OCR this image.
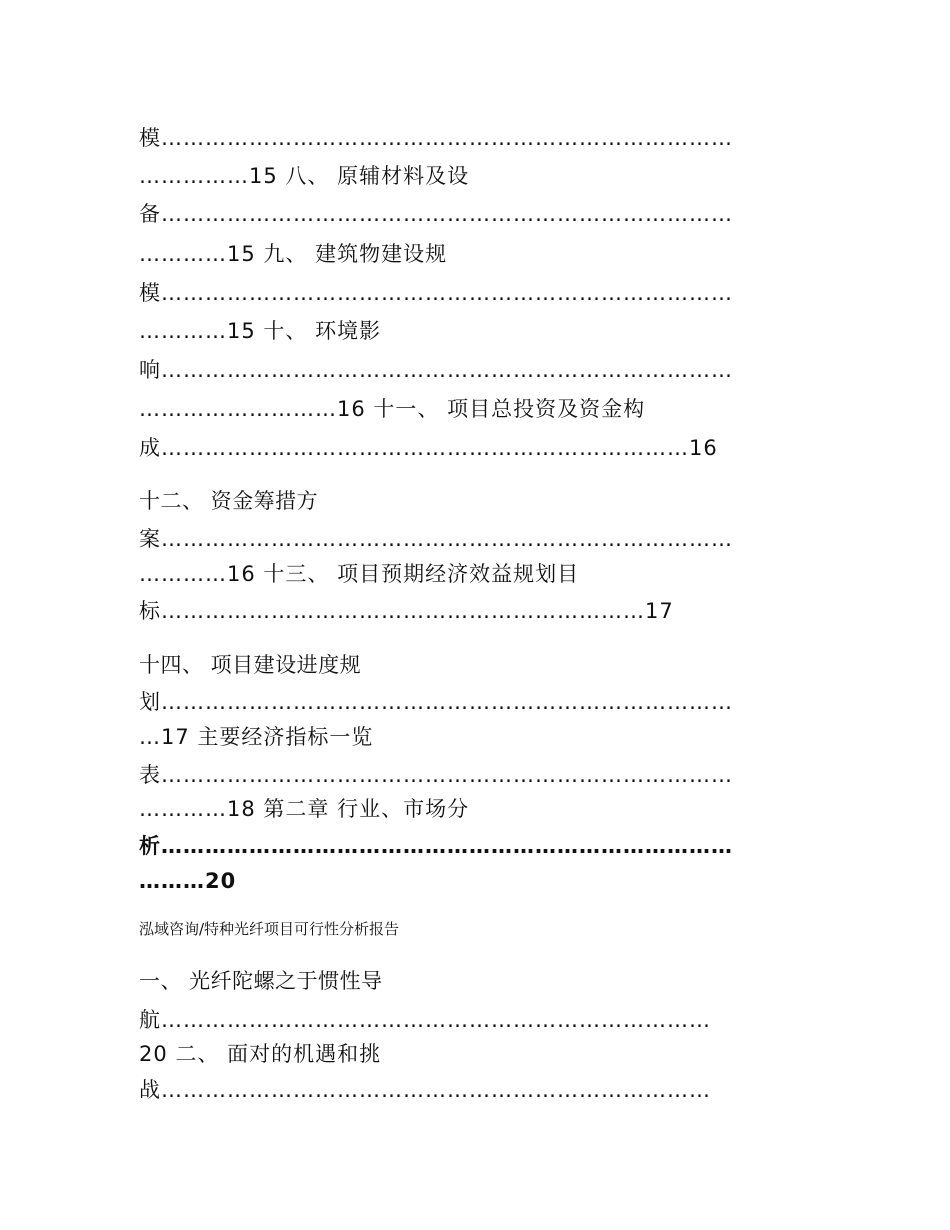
模……………………………………………………………………
……………15 八、 原辅材料及设
备……………………………………………………………………
…………15 九、 建筑物建设规
模……………………………………………………………………
…………15 十、 环境影
响……………………………………………………………………
………………………16 十一、 项目总投资及资金构
成………………………………………………………………16
十二、 资金筹措方
案……………………………………………………………………
…………16 十三、 项目预期经济效益规划目
标…………………………………………………………17
十四、 项目建设进度规
划……………………………………………………………………
…17 主要经济指标一览
表……………………………………………………………………
…………18 第二章 行业、市场分
析……………………………………………………………………
………20
泓域咨询/特种光纤项目可行性分析报告
一、 光纤陀螺之于惯性导
航…………………………………………………………………
20 二、 面对的机遇和挑
战…………………………………………………………………
